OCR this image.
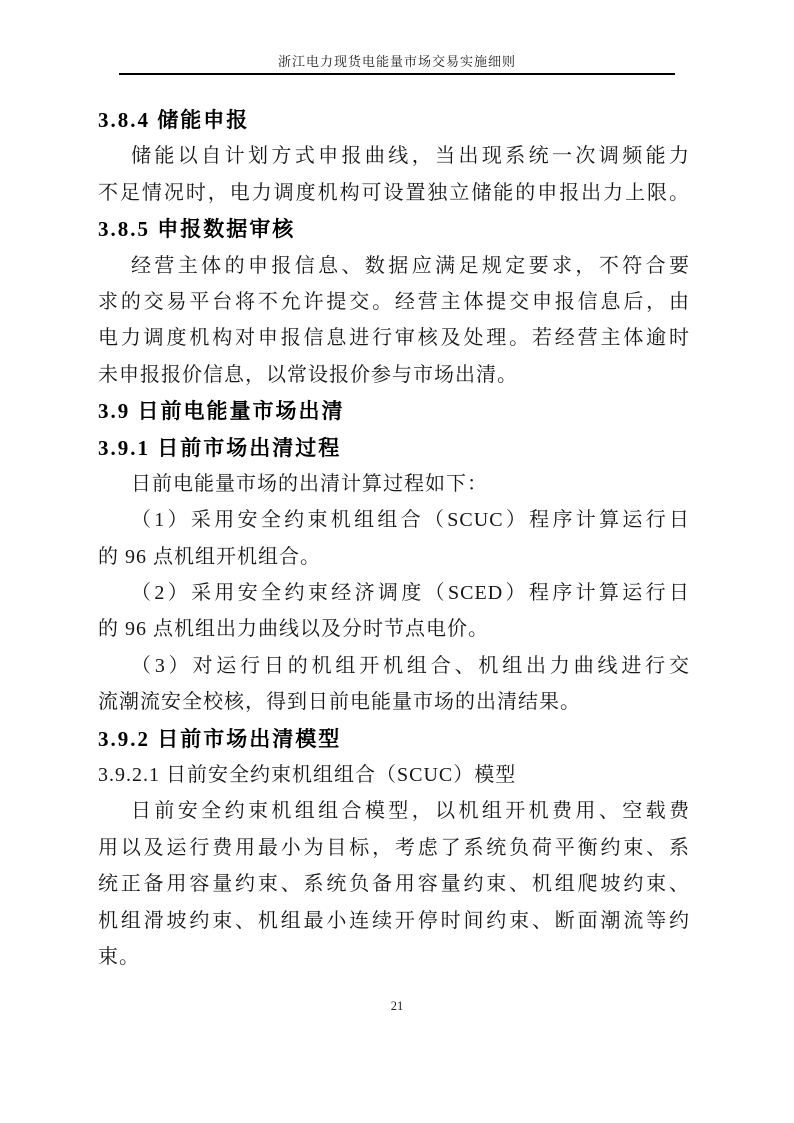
浙江电力现货电能量市场交易实施细则
3.8.4 储能申报
储能以自计划方式申报曲线，当出现系统一次调频能力
不足情况时，电力调度机构可设置独立储能的申报出力上限。
3.8.5 申报数据审核
经营主体的申报信息、数据应满足规定要求，不符合要
求的交易平台将不允许提交。经营主体提交申报信息后，由
电力调度机构对申报信息进行审核及处理。若经营主体逾时
未申报报价信息，以常设报价参与市场出清。
3.9 日前电能量市场出清
3.9.1 日前市场出清过程
日前电能量市场的出清计算过程如下：
（1）采用安全约束机组组合（SCUC）程序计算运行日
的 96 点机组开机组合。
（2）采用安全约束经济调度（SCED）程序计算运行日
的 96 点机组出力曲线以及分时节点电价。
（3）对运行日的机组开机组合、机组出力曲线进行交
流潮流安全校核，得到日前电能量市场的出清结果。
3.9.2 日前市场出清模型
3.9.2.1 日前安全约束机组组合（SCUC）模型
日前安全约束机组组合模型，以机组开机费用、空载费
用以及运行费用最小为目标，考虑了系统负荷平衡约束、系
统正备用容量约束、系统负备用容量约束、机组爬坡约束、
机组滑坡约束、机组最小连续开停时间约束、断面潮流等约
束。
21
